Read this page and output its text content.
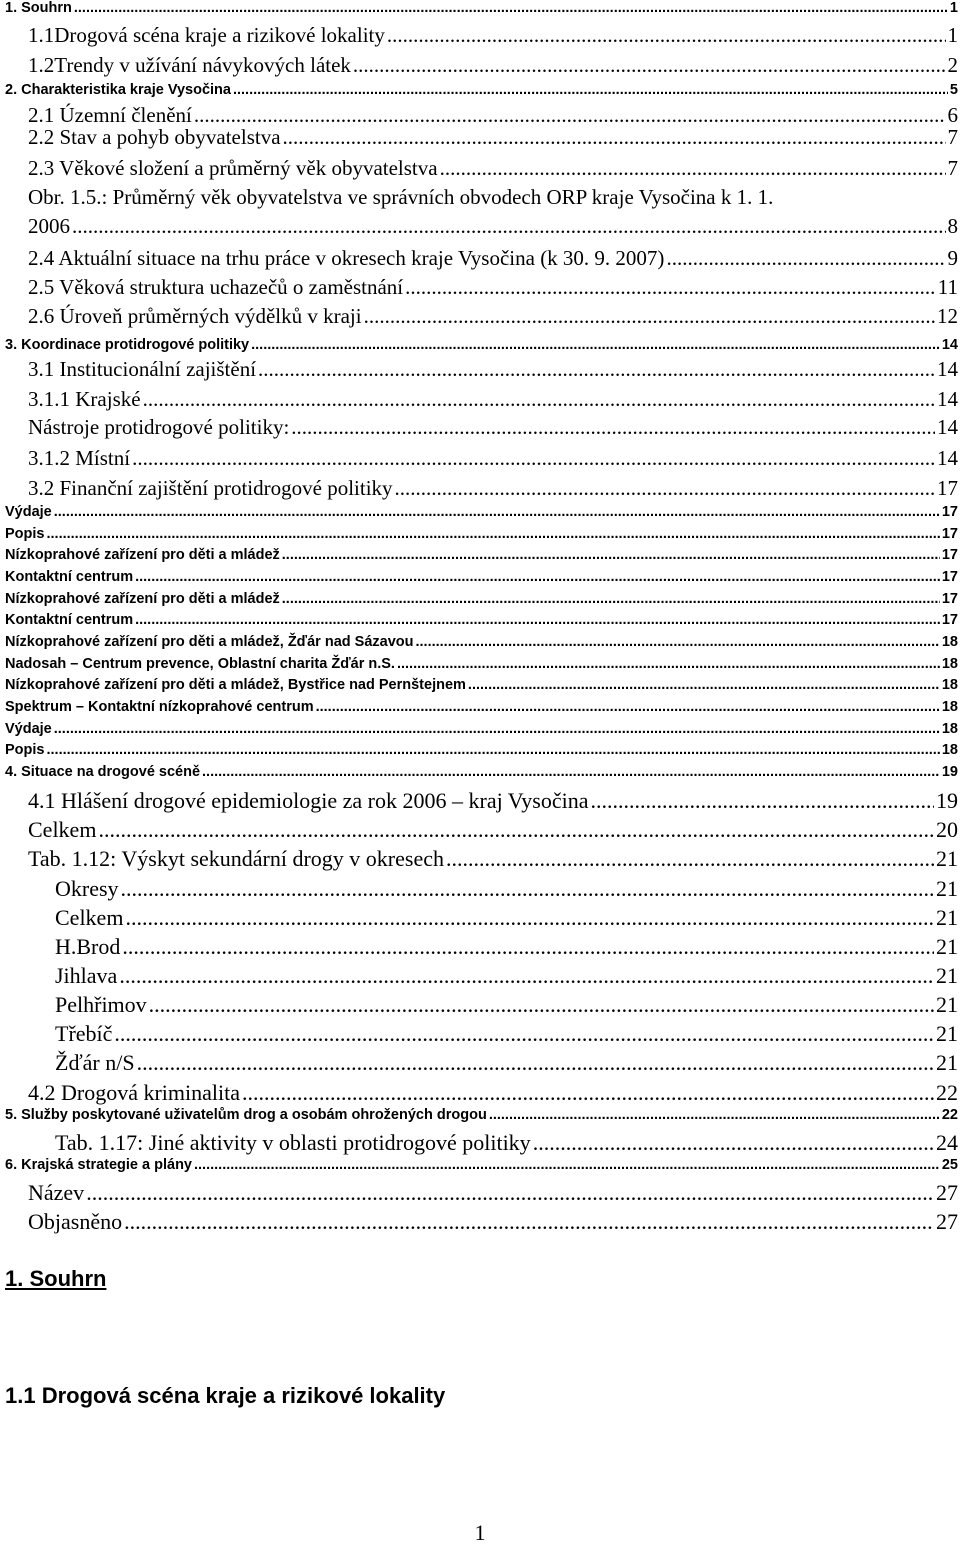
1. Souhrn .....	1
1.1Drogová scéna kraje a rizikové lokality .....	1
1.2Trendy v užívání návykových látek .....	2
2. Charakteristika kraje Vysočina .....	5
2.1 Územní členění .....	6
2.2 Stav a pohyb obyvatelstva .....	7
2.3 Věkové složení a průměrný věk obyvatelstva .....	7
Obr. 1.5.: Průměrný věk obyvatelstva ve správních obvodech ORP kraje Vysočina k 1. 1.
2006 .....	8
2.4 Aktuální situace na trhu práce v okresech kraje Vysočina (k 30. 9. 2007) .....	9
2.5 Věková struktura uchazečů o zaměstnání .....	11
2.6 Úroveň průměrných výdělků v kraji .....	12
3. Koordinace protidrogové politiky .....	14
3.1 Institucionální zajištění .....	14
3.1.1 Krajské .....	14
Nástroje protidrogové politiky: .....	14
3.1.2 Místní .....	14
3.2 Finanční zajištění protidrogové politiky .....	17
Výdaje .....	17
Popis .....	17
Nízkoprahové zařízení pro děti a mládež .....	17
Kontaktní centrum .....	17
Nízkoprahové zařízení pro děti a mládež .....	17
Kontaktní centrum .....	17
Nízkoprahové zařízení pro děti a mládež, Žďár nad Sázavou .....	18
Nadosah – Centrum prevence, Oblastní charita Žďár n.S. .....	18
Nízkoprahové zařízení pro děti a mládež, Bystřice nad Pernštejnem .....	18
Spektrum – Kontaktní nízkoprahové centrum .....	18
Výdaje .....	18
Popis .....	18
4. Situace na drogové scéně .....	19
4.1 Hlášení drogové epidemiologie za rok 2006 – kraj Vysočina .....	19
Celkem .....	20
Tab. 1.12: Výskyt sekundární drogy v okresech .....	21
Okresy .....	21
Celkem .....	21
H.Brod .....	21
Jihlava .....	21
Pelhřimov .....	21
Třebíč .....	21
Žďár n/S .....	21
4.2 Drogová kriminalita .....	22
5. Služby poskytované uživatelům drog a osobám ohrožených drogou .....	22
Tab. 1.17: Jiné aktivity v oblasti protidrogové politiky .....	24
6. Krajská strategie a plány .....	25
Název .....	27
Objasněno .....	27
1. Souhrn
1.1 Drogová scéna kraje a rizikové lokality
1
